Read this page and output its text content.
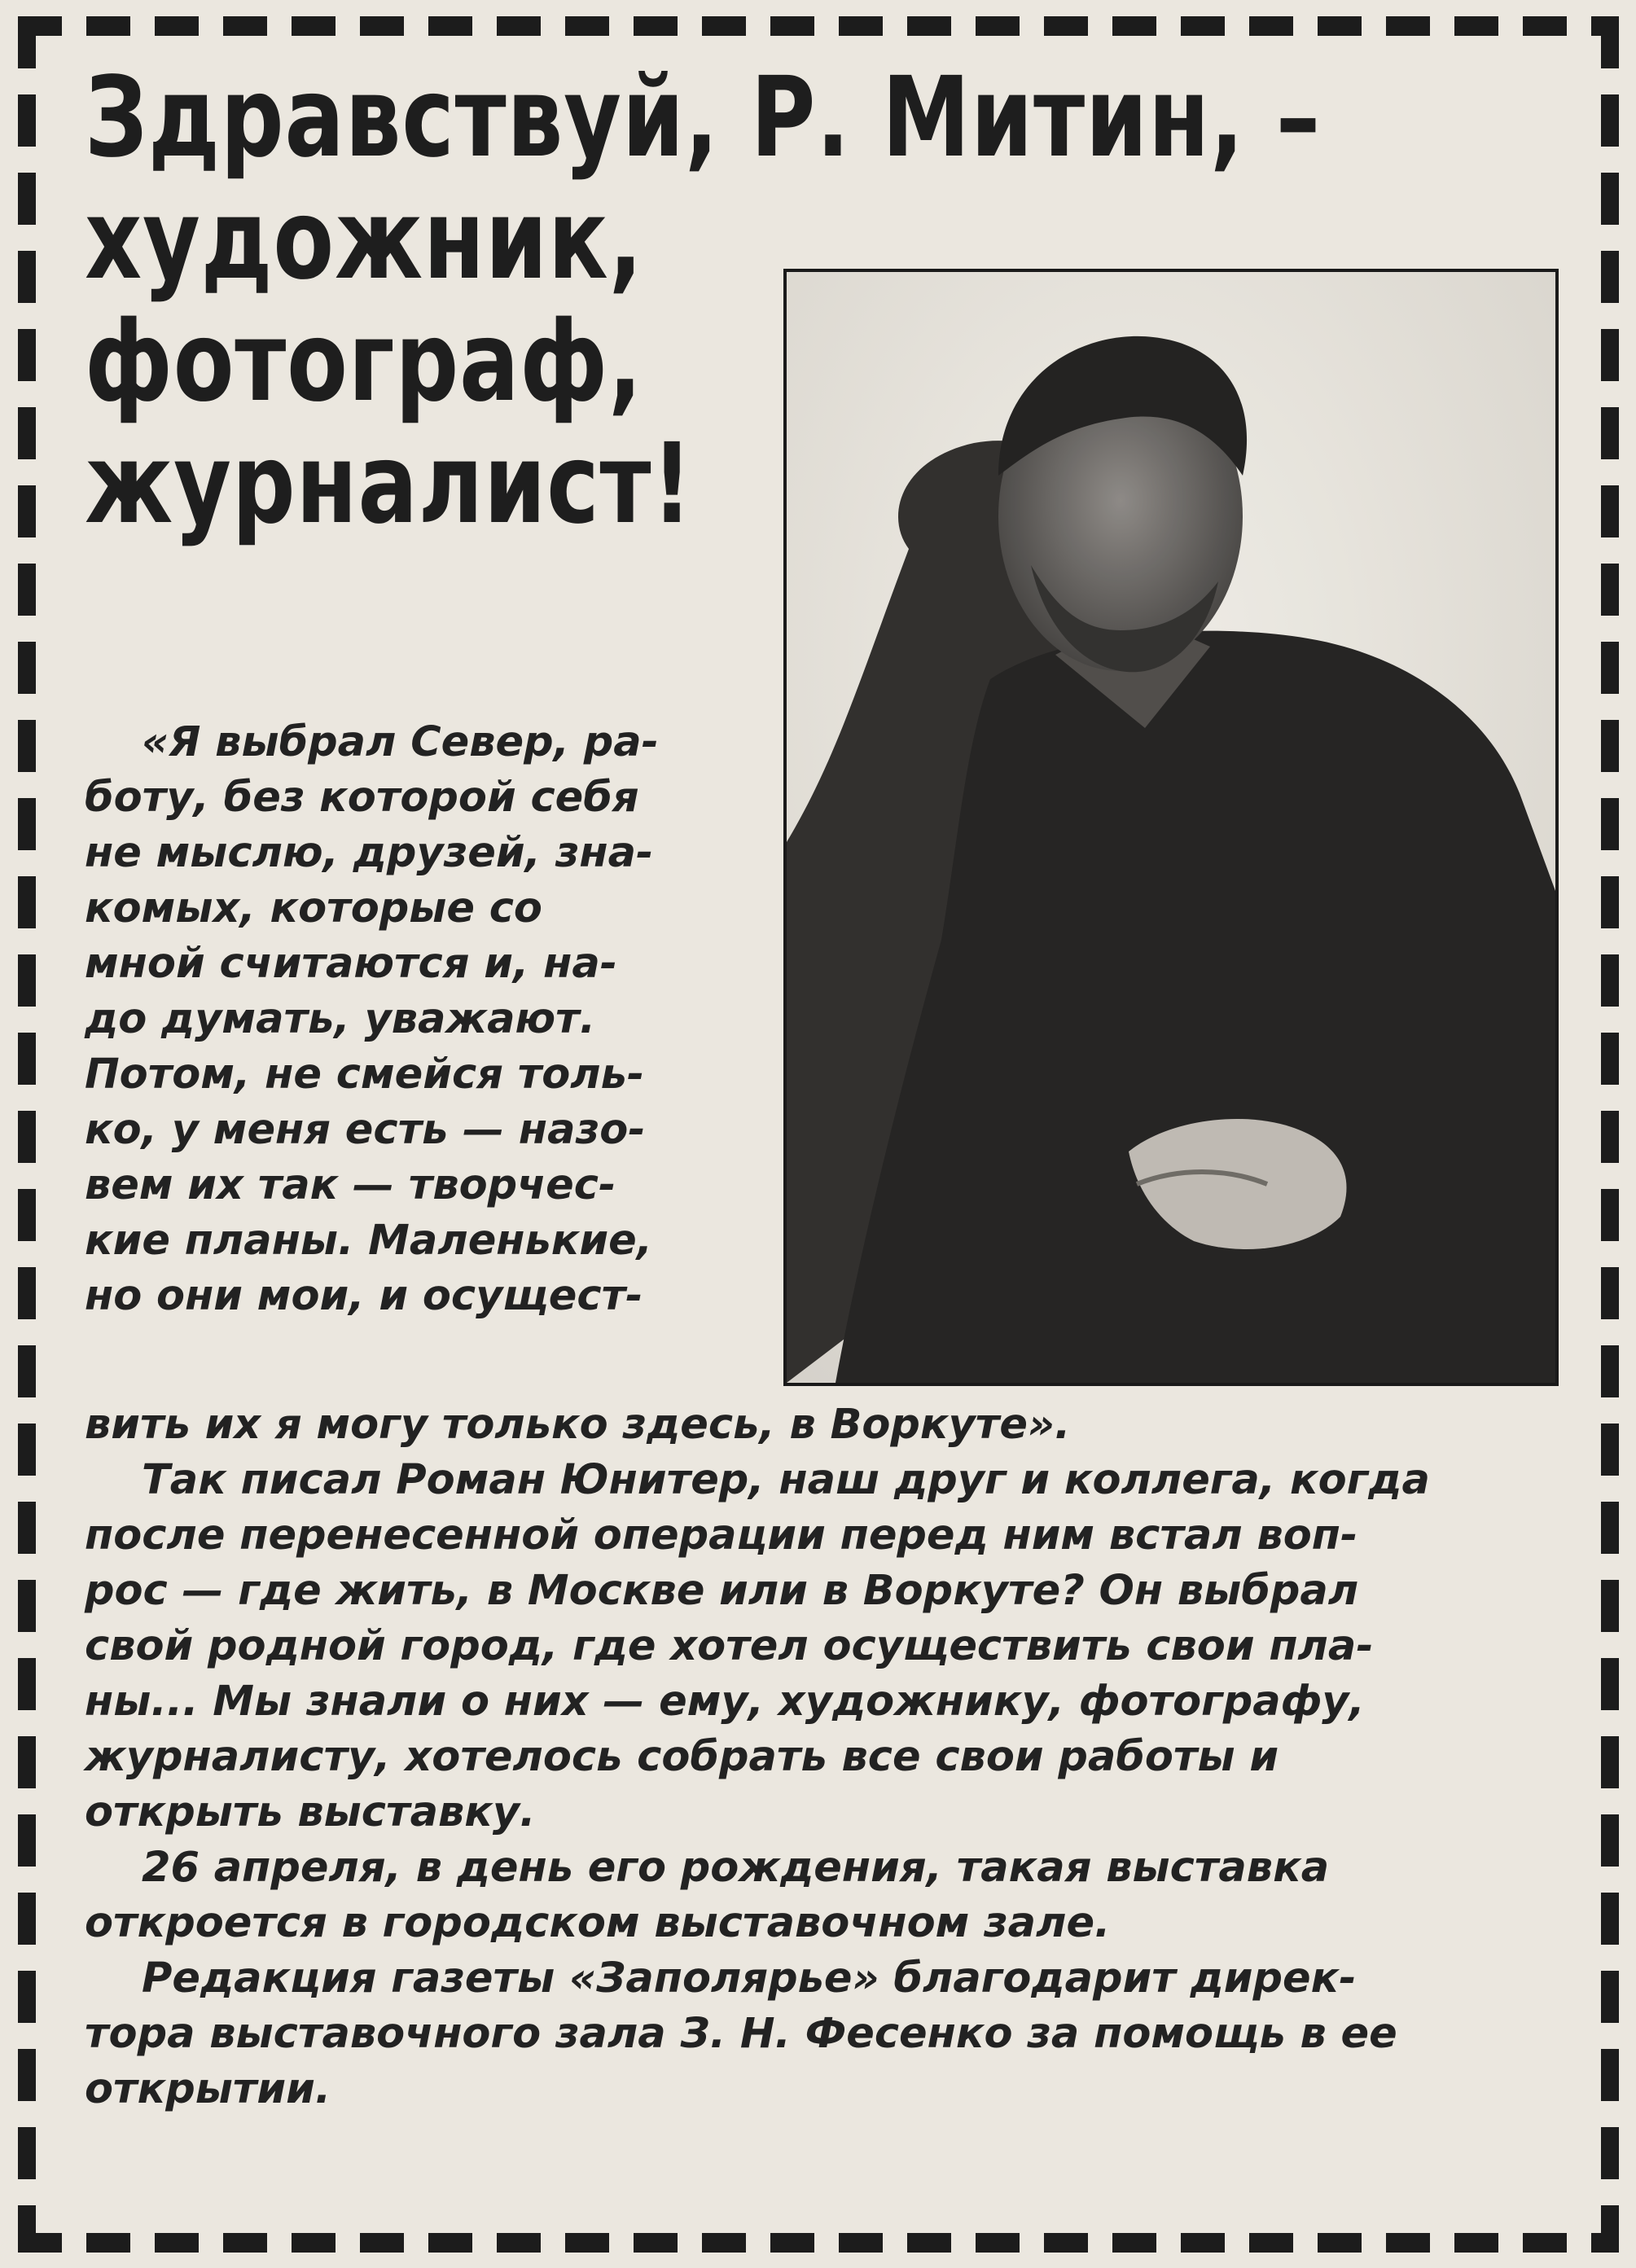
Здравствуй, Р. Митин, –
художник,
фотограф,
журналист!
«Я выбрал Север, ра-
боту, без которой себя
не мыслю, друзей, зна-
комых, которые со
мной считаются и, на-
до думать, уважают.
Потом, не смейся толь-
ко, у меня есть — назо-
вем их так — творчес-
кие планы. Маленькие,
но они мои, и осущест-
вить их я могу только здесь, в Воркуте».
Так писал Роман Юнитер, наш друг и коллега, когда
после перенесенной операции перед ним встал воп-
рос — где жить, в Москве или в Воркуте? Он выбрал
свой родной город, где хотел осуществить свои пла-
ны... Мы знали о них — ему, художнику, фотографу,
журналисту, хотелось собрать все свои работы и
открыть выставку.
26 апреля, в день его рождения, такая выставка
откроется в городском выставочном зале.
Редакция газеты «Заполярье» благодарит дирек-
тора выставочного зала З. Н. Фесенко за помощь в ее
открытии.
